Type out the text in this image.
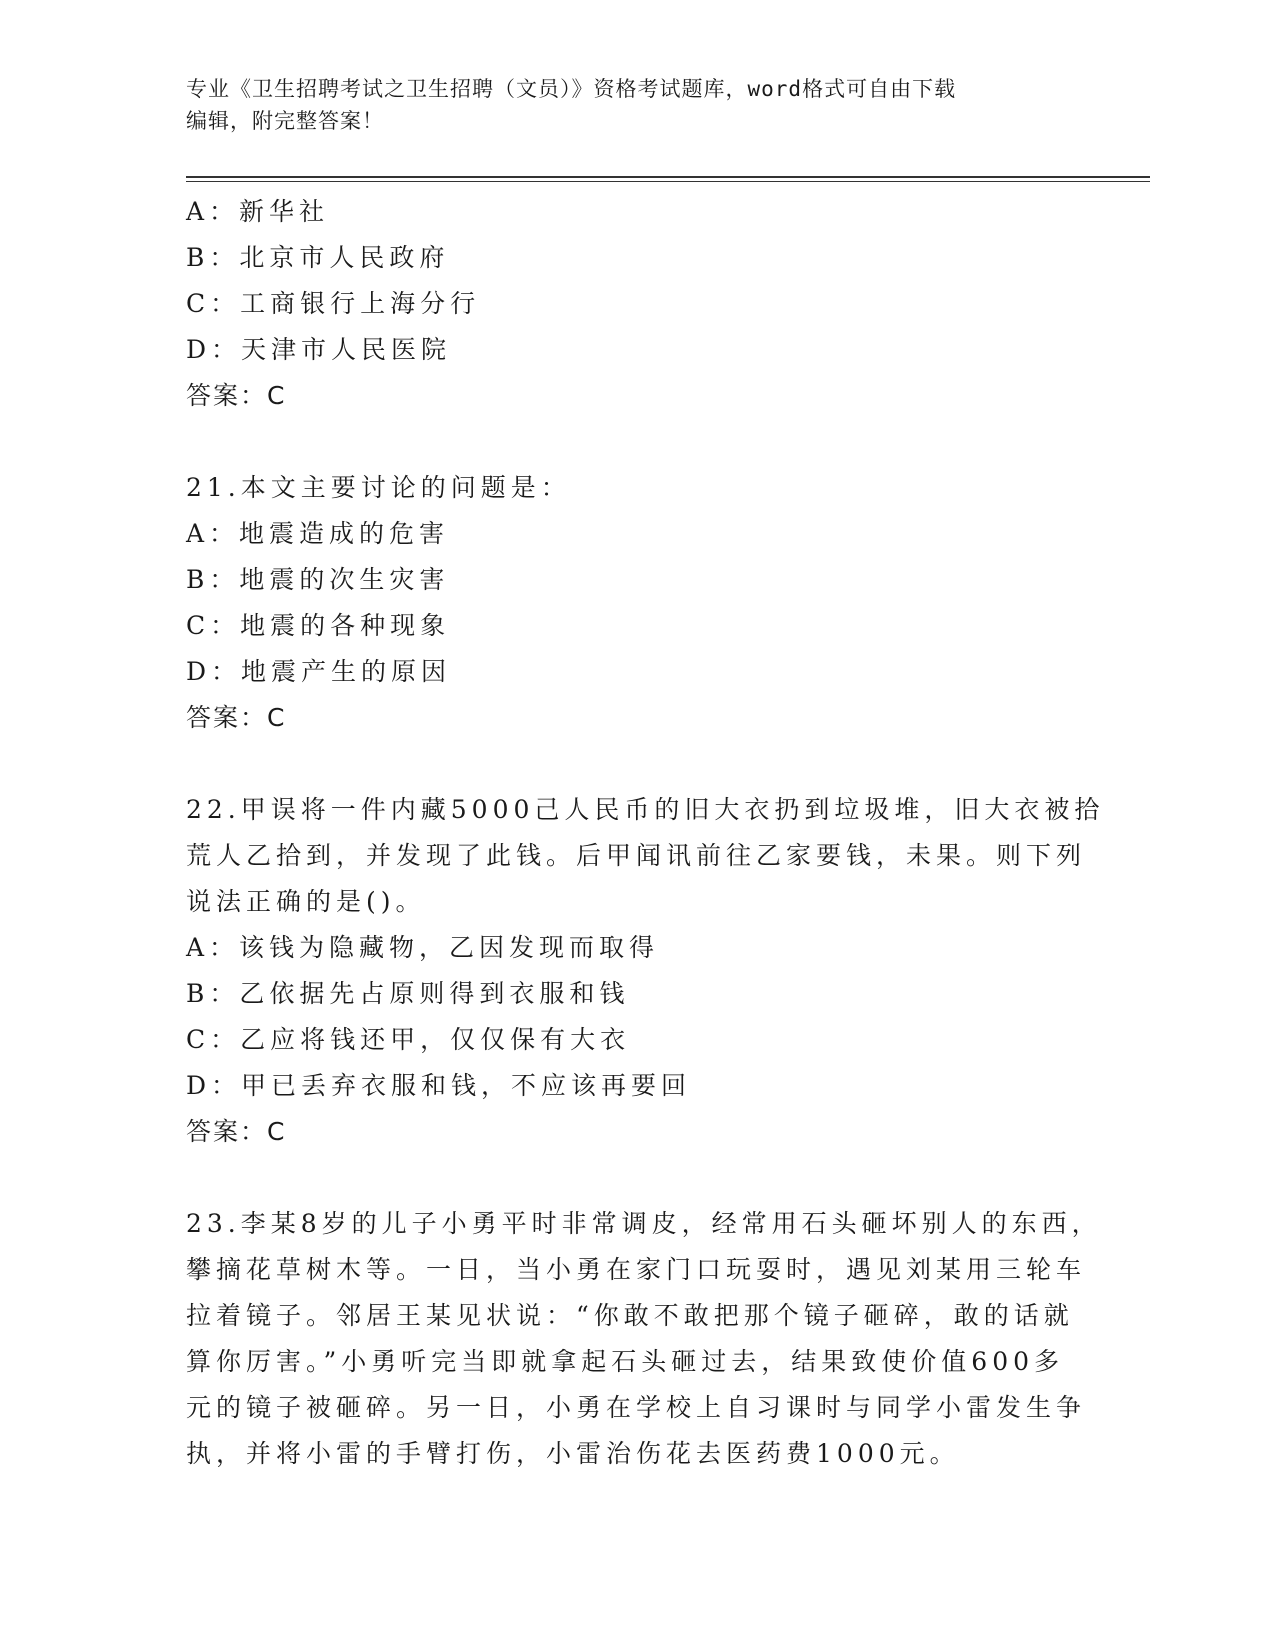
专业《卫生招聘考试之卫生招聘（文员）》资格考试题库，word格式可自由下载
编辑，附完整答案！
A：新华社
B：北京市人民政府
C：工商银行上海分行
D：天津市人民医院
答案：C
21.本文主要讨论的问题是：
A：地震造成的危害
B：地震的次生灾害
C：地震的各种现象
D：地震产生的原因
答案：C
22.甲误将一件内藏5000己人民币的旧大衣扔到垃圾堆，旧大衣被拾
荒人乙拾到，并发现了此钱。后甲闻讯前往乙家要钱，未果。则下列
说法正确的是()。
A：该钱为隐藏物，乙因发现而取得
B：乙依据先占原则得到衣服和钱
C：乙应将钱还甲，仅仅保有大衣
D：甲已丢弃衣服和钱，不应该再要回
答案：C
23.李某8岁的儿子小勇平时非常调皮，经常用石头砸坏别人的东西，
攀摘花草树木等。一日，当小勇在家门口玩耍时，遇见刘某用三轮车
拉着镜子。邻居王某见状说：“你敢不敢把那个镜子砸碎，敢的话就
算你厉害。”小勇听完当即就拿起石头砸过去，结果致使价值600多
元的镜子被砸碎。另一日，小勇在学校上自习课时与同学小雷发生争
执，并将小雷的手臂打伤，小雷治伤花去医药费1000元。
